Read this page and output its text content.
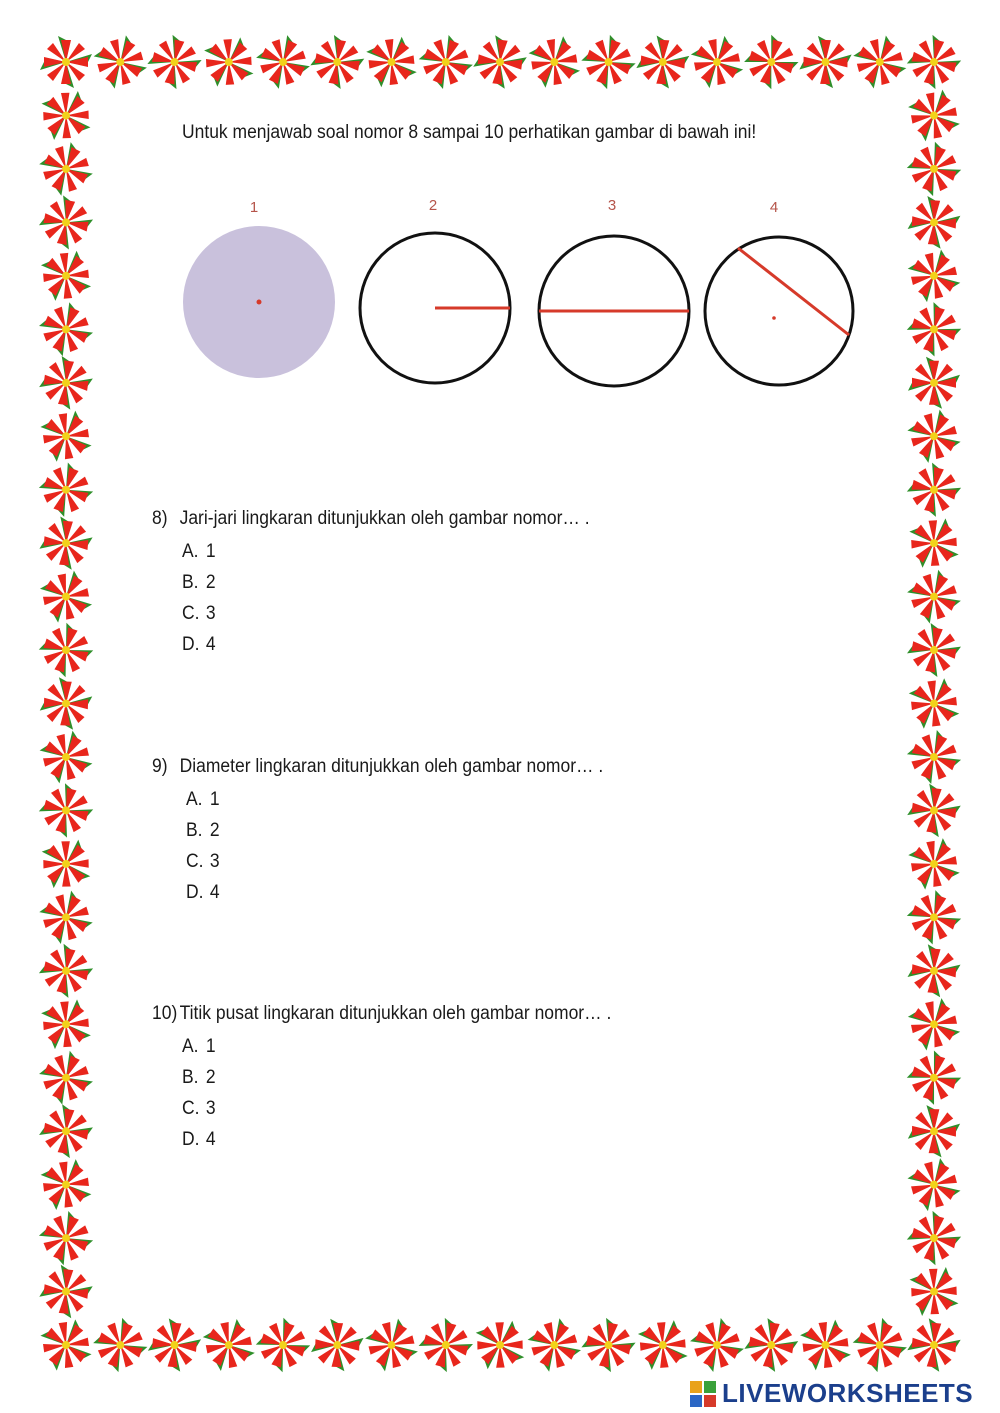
Untuk menjawab soal nomor 8 sampai 10 perhatikan gambar di bawah ini!
1	2	3	4
8) Jari-jari lingkaran ditunjukkan oleh gambar nomor… .
A. 1
B. 2
C. 3
D. 4
9) Diameter lingkaran ditunjukkan oleh gambar nomor… .
A. 1
B. 2
C. 3
D. 4
10) Titik pusat lingkaran ditunjukkan oleh gambar nomor… .
A. 1
B. 2
C. 3
D. 4
LIVEWORKSHEETS
